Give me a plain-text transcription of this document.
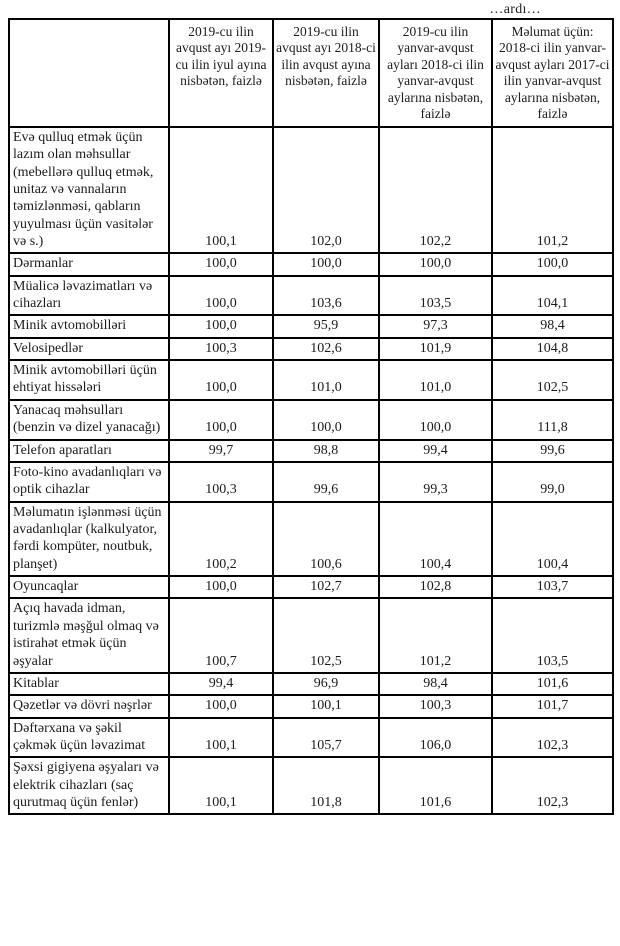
…ardı…
	2019-cu ilin avqust ayı 2019-cu ilin iyul ayına nisbətən, faizlə	2019-cu ilin avqust ayı 2018-ci ilin avqust ayına nisbətən, faizlə	2019-cu ilin yanvar-avqust ayları 2018-ci ilin yanvar-avqust aylarına nisbətən, faizlə	Məlumat üçün: 2018-ci ilin yanvar-avqust ayları 2017-ci ilin yanvar-avqust aylarına nisbətən, faizlə
Evə qulluq etmək üçün lazım olan məhsullar (mebellərə qulluq etmək, unitaz və vannaların təmizlənməsi, qabların yuyulması üçün vasitələr və s.)	100,1	102,0	102,2	101,2
Dərmanlar	100,0	100,0	100,0	100,0
Müalicə ləvazimatları və cihazları	100,0	103,6	103,5	104,1
Minik avtomobilləri	100,0	95,9	97,3	98,4
Velosipedlər	100,3	102,6	101,9	104,8
Minik avtomobilləri üçün ehtiyat hissələri	100,0	101,0	101,0	102,5
Yanacaq məhsulları (benzin və dizel yanacağı)	100,0	100,0	100,0	111,8
Telefon aparatları	99,7	98,8	99,4	99,6
Foto-kino avadanlıqları və optik cihazlar	100,3	99,6	99,3	99,0
Məlumatın işlənməsi üçün avadanlıqlar (kalkulyator, fərdi kompüter, noutbuk, planşet)	100,2	100,6	100,4	100,4
Oyuncaqlar	100,0	102,7	102,8	103,7
Açıq havada idman, turizmlə məşğul olmaq və istirahət etmək üçün əşyalar	100,7	102,5	101,2	103,5
Kitablar	99,4	96,9	98,4	101,6
Qəzetlər və dövri nəşrlər	100,0	100,1	100,3	101,7
Dəftərxana və şəkil çəkmək üçün ləvazimat	100,1	105,7	106,0	102,3
Şəxsi gigiyena əşyaları və elektrik cihazları (saç qurutmaq üçün fenlər)	100,1	101,8	101,6	102,3
